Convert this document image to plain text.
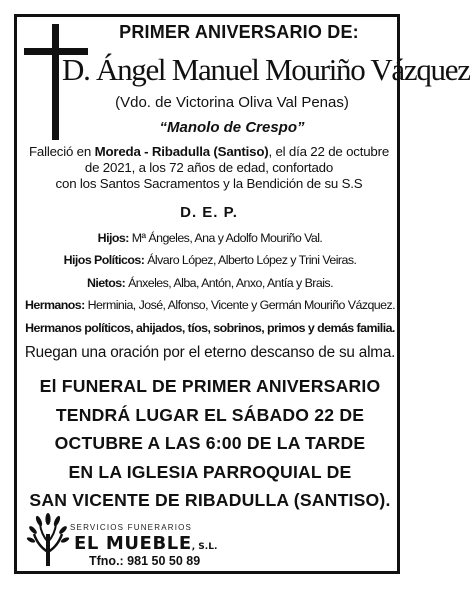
PRIMER ANIVERSARIO DE:
D. Ángel Manuel Mouriño Vázquez
(Vdo. de Victorina Oliva Val Penas)
“Manolo de Crespo”
Falleció en Moreda - Ribadulla (Santiso), el día 22 de octubre
de 2021, a los 72 años de edad, confortado
con los Santos Sacramentos y la Bendición de su S.S
D. E. P.
Hijos: Mª Ángeles, Ana y Adolfo Mouriño Val.
Hijos Políticos: Álvaro López, Alberto López y Trini Veiras.
Nietos: Ánxeles, Alba, Antón, Anxo, Antía y Brais.
Hermanos: Herminia, José, Alfonso, Vicente y Germán Mouriño Vázquez.
Hermanos políticos, ahijados, tíos, sobrinos, primos y demás familia.
Ruegan una oración por el eterno descanso de su alma.
El FUNERAL DE PRIMER ANIVERSARIO
TENDRÁ LUGAR EL SÁBADO 22 DE
OCTUBRE A LAS 6:00 DE LA TARDE
EN LA IGLESIA PARROQUIAL DE
SAN VICENTE DE RIBADULLA (SANTISO).
SERVICIOS FUNERARIOS
EL MUEBLE, S.L.
Tfno.: 981 50 50 89
